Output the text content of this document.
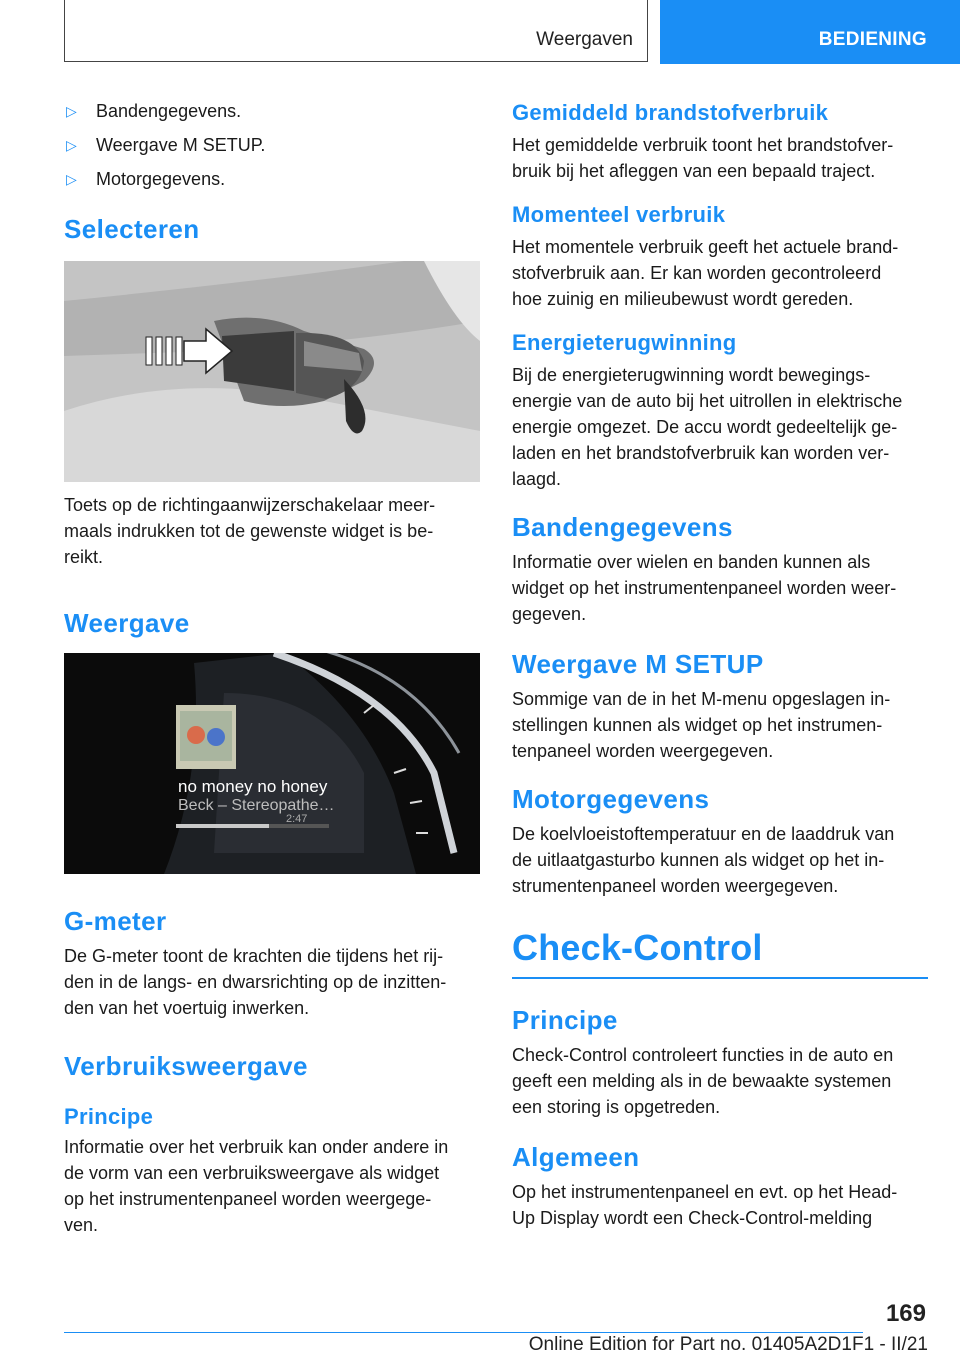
Weergaven	BEDIENING
▷	Bandengegevens.
▷	Weergave M SETUP.
▷	Motorgegevens.
Selecteren

Toets op de richtingaanwijzerschakelaar meer-

maals indrukken tot de gewenste widget is be-

reikt.

Weergave
no money no honey
Beck – Stereopathe…
2:47
G-meter

De G-meter toont de krachten die tijdens het rij-

den in de langs- en dwarsrichting op de inzitten-

den van het voertuig inwerken.

Verbruiksweergave
Principe

Informatie over het verbruik kan onder andere in

de vorm van een verbruiksweergave als widget

op het instrumentenpaneel worden weergege-

ven.

Gemiddeld brandstofverbruik

Het gemiddelde verbruik toont het brandstofver-

bruik bij het afleggen van een bepaald traject.

Momenteel verbruik

Het momentele verbruik geeft het actuele brand-

stofverbruik aan. Er kan worden gecontroleerd

hoe zuinig en milieubewust wordt gereden.

Energieterugwinning

Bij de energieterugwinning wordt bewegings-

energie van de auto bij het uitrollen in elektrische

energie omgezet. De accu wordt gedeeltelijk ge-

laden en het brandstofverbruik kan worden ver-

laagd.

Bandengegevens

Informatie over wielen en banden kunnen als

widget op het instrumentenpaneel worden weer-

gegeven.

Weergave M SETUP

Sommige van de in het M-menu opgeslagen in-

stellingen kunnen als widget op het instrumen-

tenpaneel worden weergegeven.

Motorgegevens

De koelvloeistoftemperatuur en de laaddruk van

de uitlaatgasturbo kunnen als widget op het in-

strumentenpaneel worden weergegeven.

Check-Control
Principe

Check-Control controleert functies in de auto en

geeft een melding als in de bewaakte systemen

een storing is opgetreden.

Algemeen

Op het instrumentenpaneel en evt. op het Head-

Up Display wordt een Check-Control-melding

169
Online Edition for Part no. 01405A2D1F1 - II/21
